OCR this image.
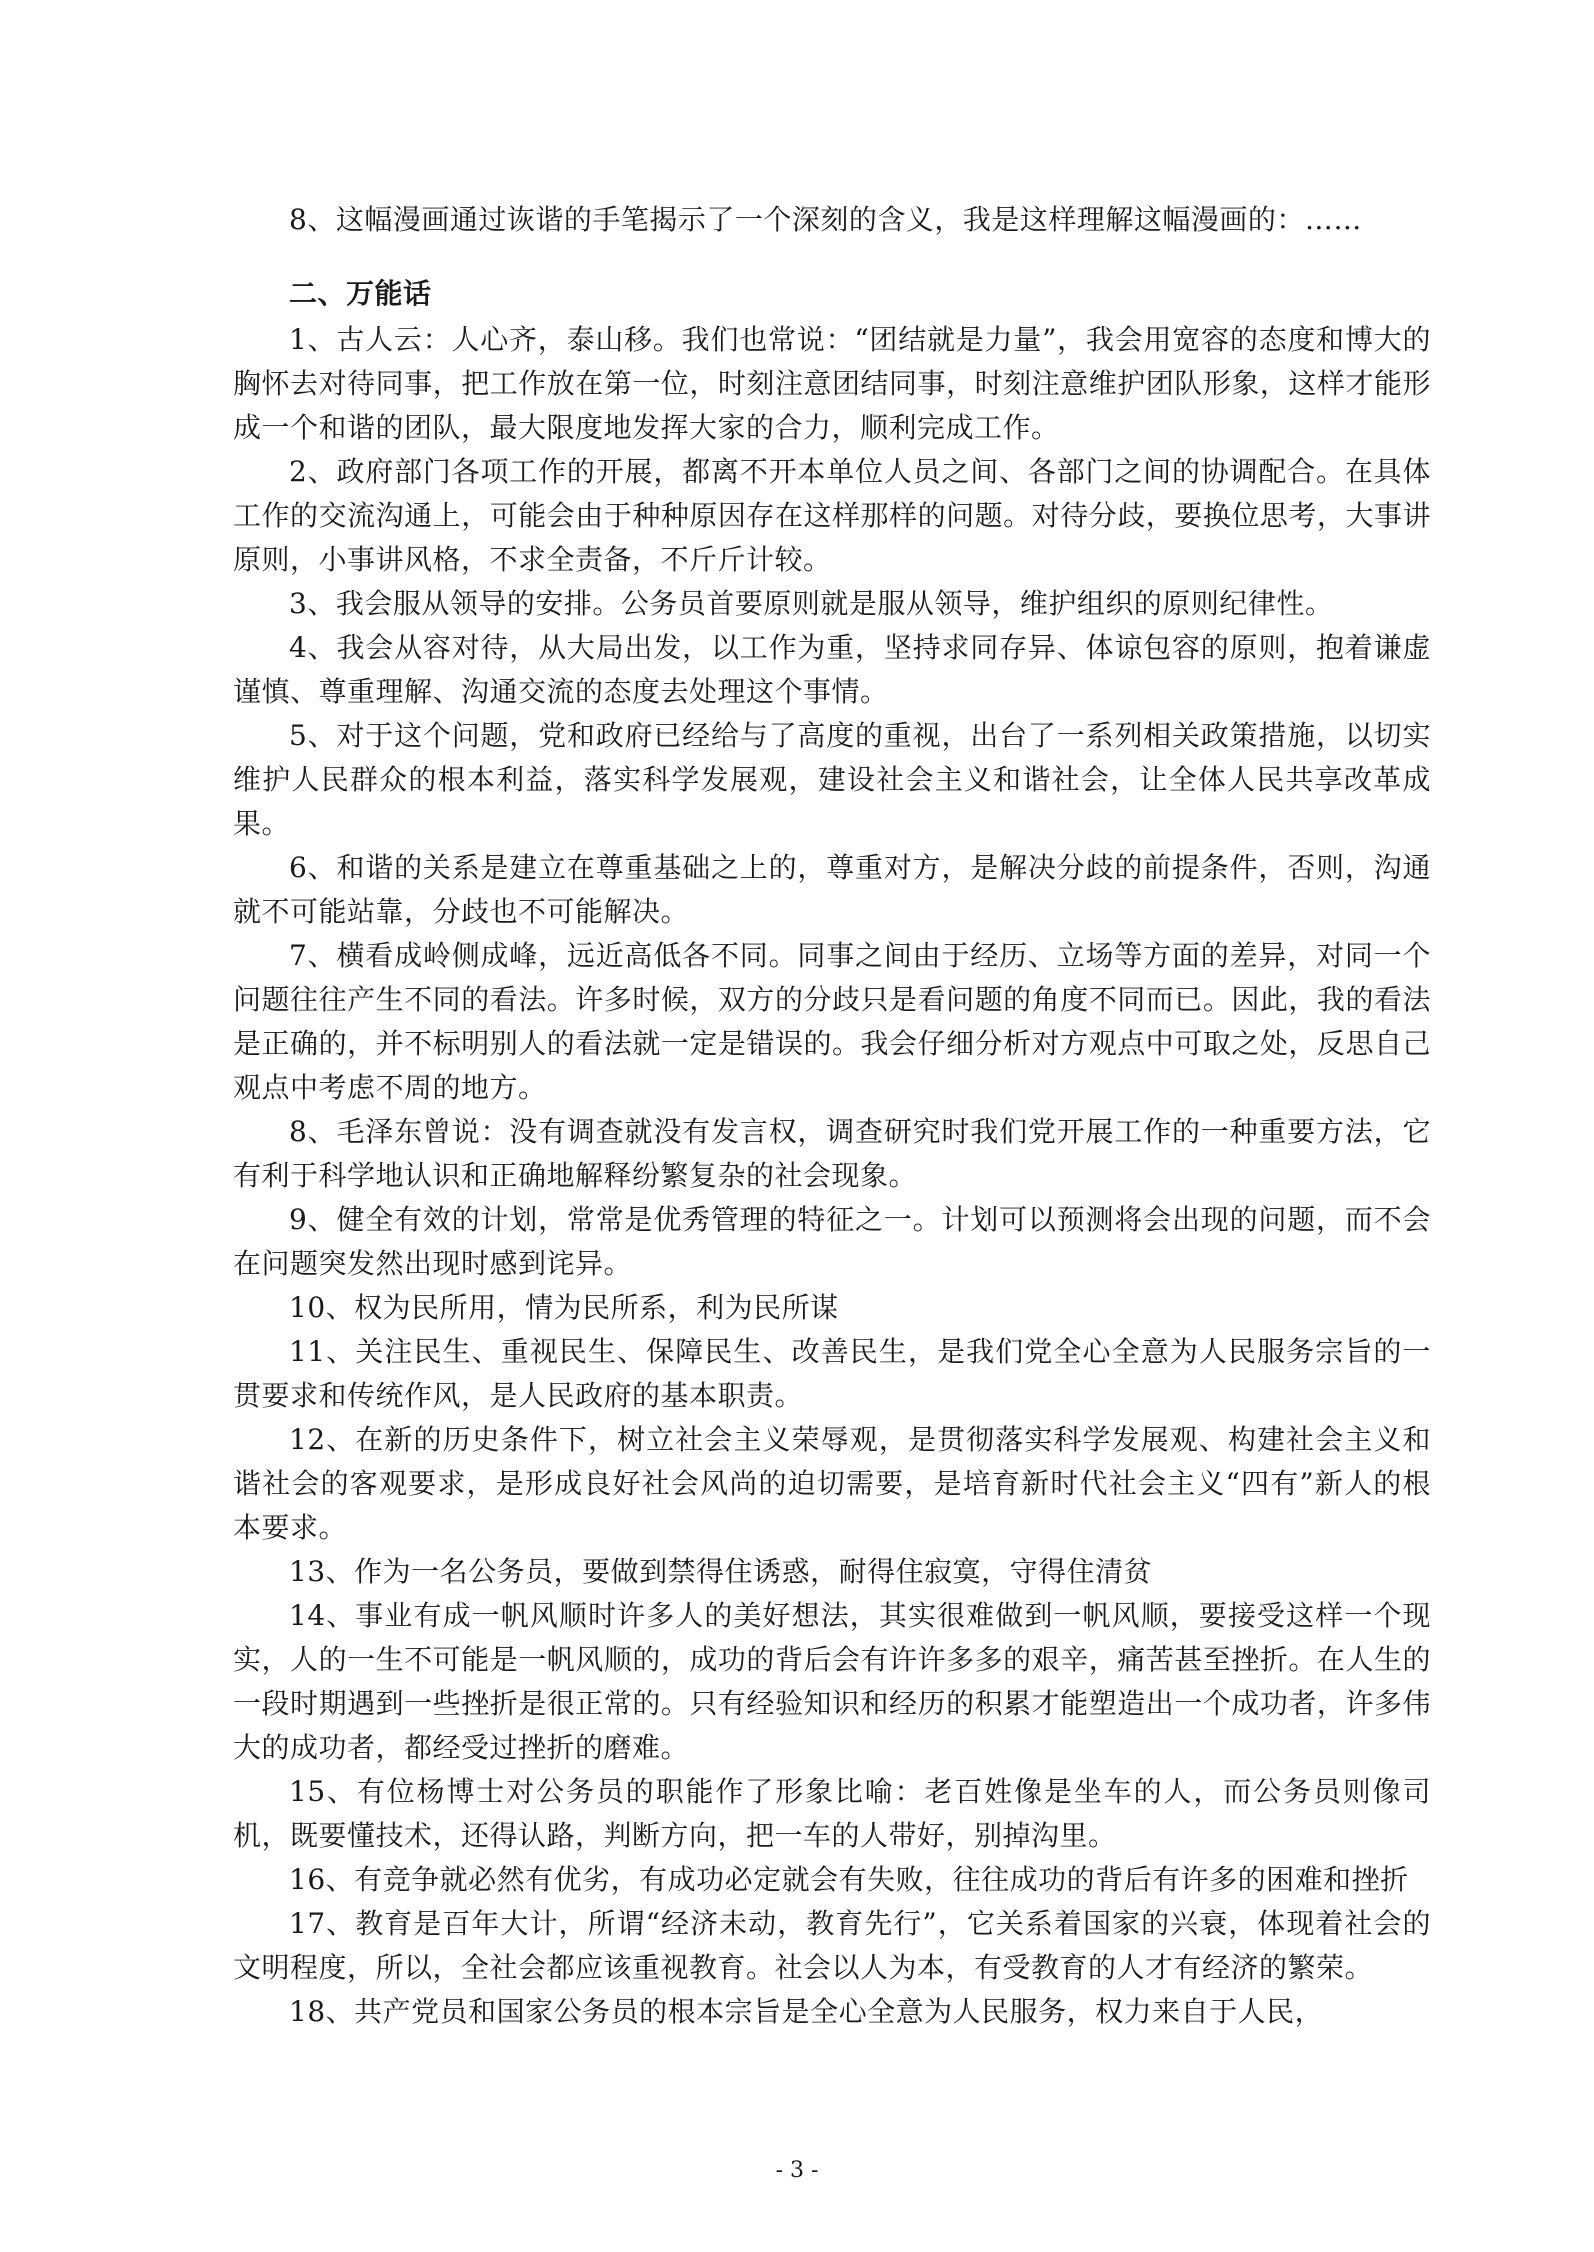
8、这幅漫画通过诙谐的手笔揭示了一个深刻的含义，我是这样理解这幅漫画的：……

二、万能话

1、古人云：人心齐，泰山移。我们也常说：“团结就是力量”，我会用宽容的态度和博大的胸怀去对待同事，把工作放在第一位，时刻注意团结同事，时刻注意维护团队形象，这样才能形成一个和谐的团队，最大限度地发挥大家的合力，顺利完成工作。

2、政府部门各项工作的开展，都离不开本单位人员之间、各部门之间的协调配合。在具体工作的交流沟通上，可能会由于种种原因存在这样那样的问题。对待分歧，要换位思考，大事讲原则，小事讲风格，不求全责备，不斤斤计较。

3、我会服从领导的安排。公务员首要原则就是服从领导，维护组织的原则纪律性。

4、我会从容对待，从大局出发，以工作为重，坚持求同存异、体谅包容的原则，抱着谦虚谨慎、尊重理解、沟通交流的态度去处理这个事情。

5、对于这个问题，党和政府已经给与了高度的重视，出台了一系列相关政策措施，以切实维护人民群众的根本利益，落实科学发展观，建设社会主义和谐社会，让全体人民共享改革成果。

6、和谐的关系是建立在尊重基础之上的，尊重对方，是解决分歧的前提条件，否则，沟通就不可能站靠，分歧也不可能解决。

7、横看成岭侧成峰，远近高低各不同。同事之间由于经历、立场等方面的差异，对同一个问题往往产生不同的看法。许多时候，双方的分歧只是看问题的角度不同而已。因此，我的看法是正确的，并不标明别人的看法就一定是错误的。我会仔细分析对方观点中可取之处，反思自己观点中考虑不周的地方。

8、毛泽东曾说：没有调查就没有发言权，调查研究时我们党开展工作的一种重要方法，它有利于科学地认识和正确地解释纷繁复杂的社会现象。

9、健全有效的计划，常常是优秀管理的特征之一。计划可以预测将会出现的问题，而不会在问题突发然出现时感到诧异。

10、权为民所用，情为民所系，利为民所谋

11、关注民生、重视民生、保障民生、改善民生，是我们党全心全意为人民服务宗旨的一贯要求和传统作风，是人民政府的基本职责。

12、在新的历史条件下，树立社会主义荣辱观，是贯彻落实科学发展观、构建社会主义和谐社会的客观要求，是形成良好社会风尚的迫切需要，是培育新时代社会主义“四有”新人的根本要求。

13、作为一名公务员，要做到禁得住诱惑，耐得住寂寞，守得住清贫

14、事业有成一帆风顺时许多人的美好想法，其实很难做到一帆风顺，要接受这样一个现实，人的一生不可能是一帆风顺的，成功的背后会有许许多多的艰辛，痛苦甚至挫折。在人生的一段时期遇到一些挫折是很正常的。只有经验知识和经历的积累才能塑造出一个成功者，许多伟大的成功者，都经受过挫折的磨难。

15、有位杨博士对公务员的职能作了形象比喻：老百姓像是坐车的人，而公务员则像司机，既要懂技术，还得认路，判断方向，把一车的人带好，别掉沟里。

16、有竞争就必然有优劣，有成功必定就会有失败，往往成功的背后有许多的困难和挫折

17、教育是百年大计，所谓“经济未动，教育先行”，它关系着国家的兴衰，体现着社会的文明程度，所以，全社会都应该重视教育。社会以人为本，有受教育的人才有经济的繁荣。

18、共产党员和国家公务员的根本宗旨是全心全意为人民服务，权力来自于人民，

- 3 -
